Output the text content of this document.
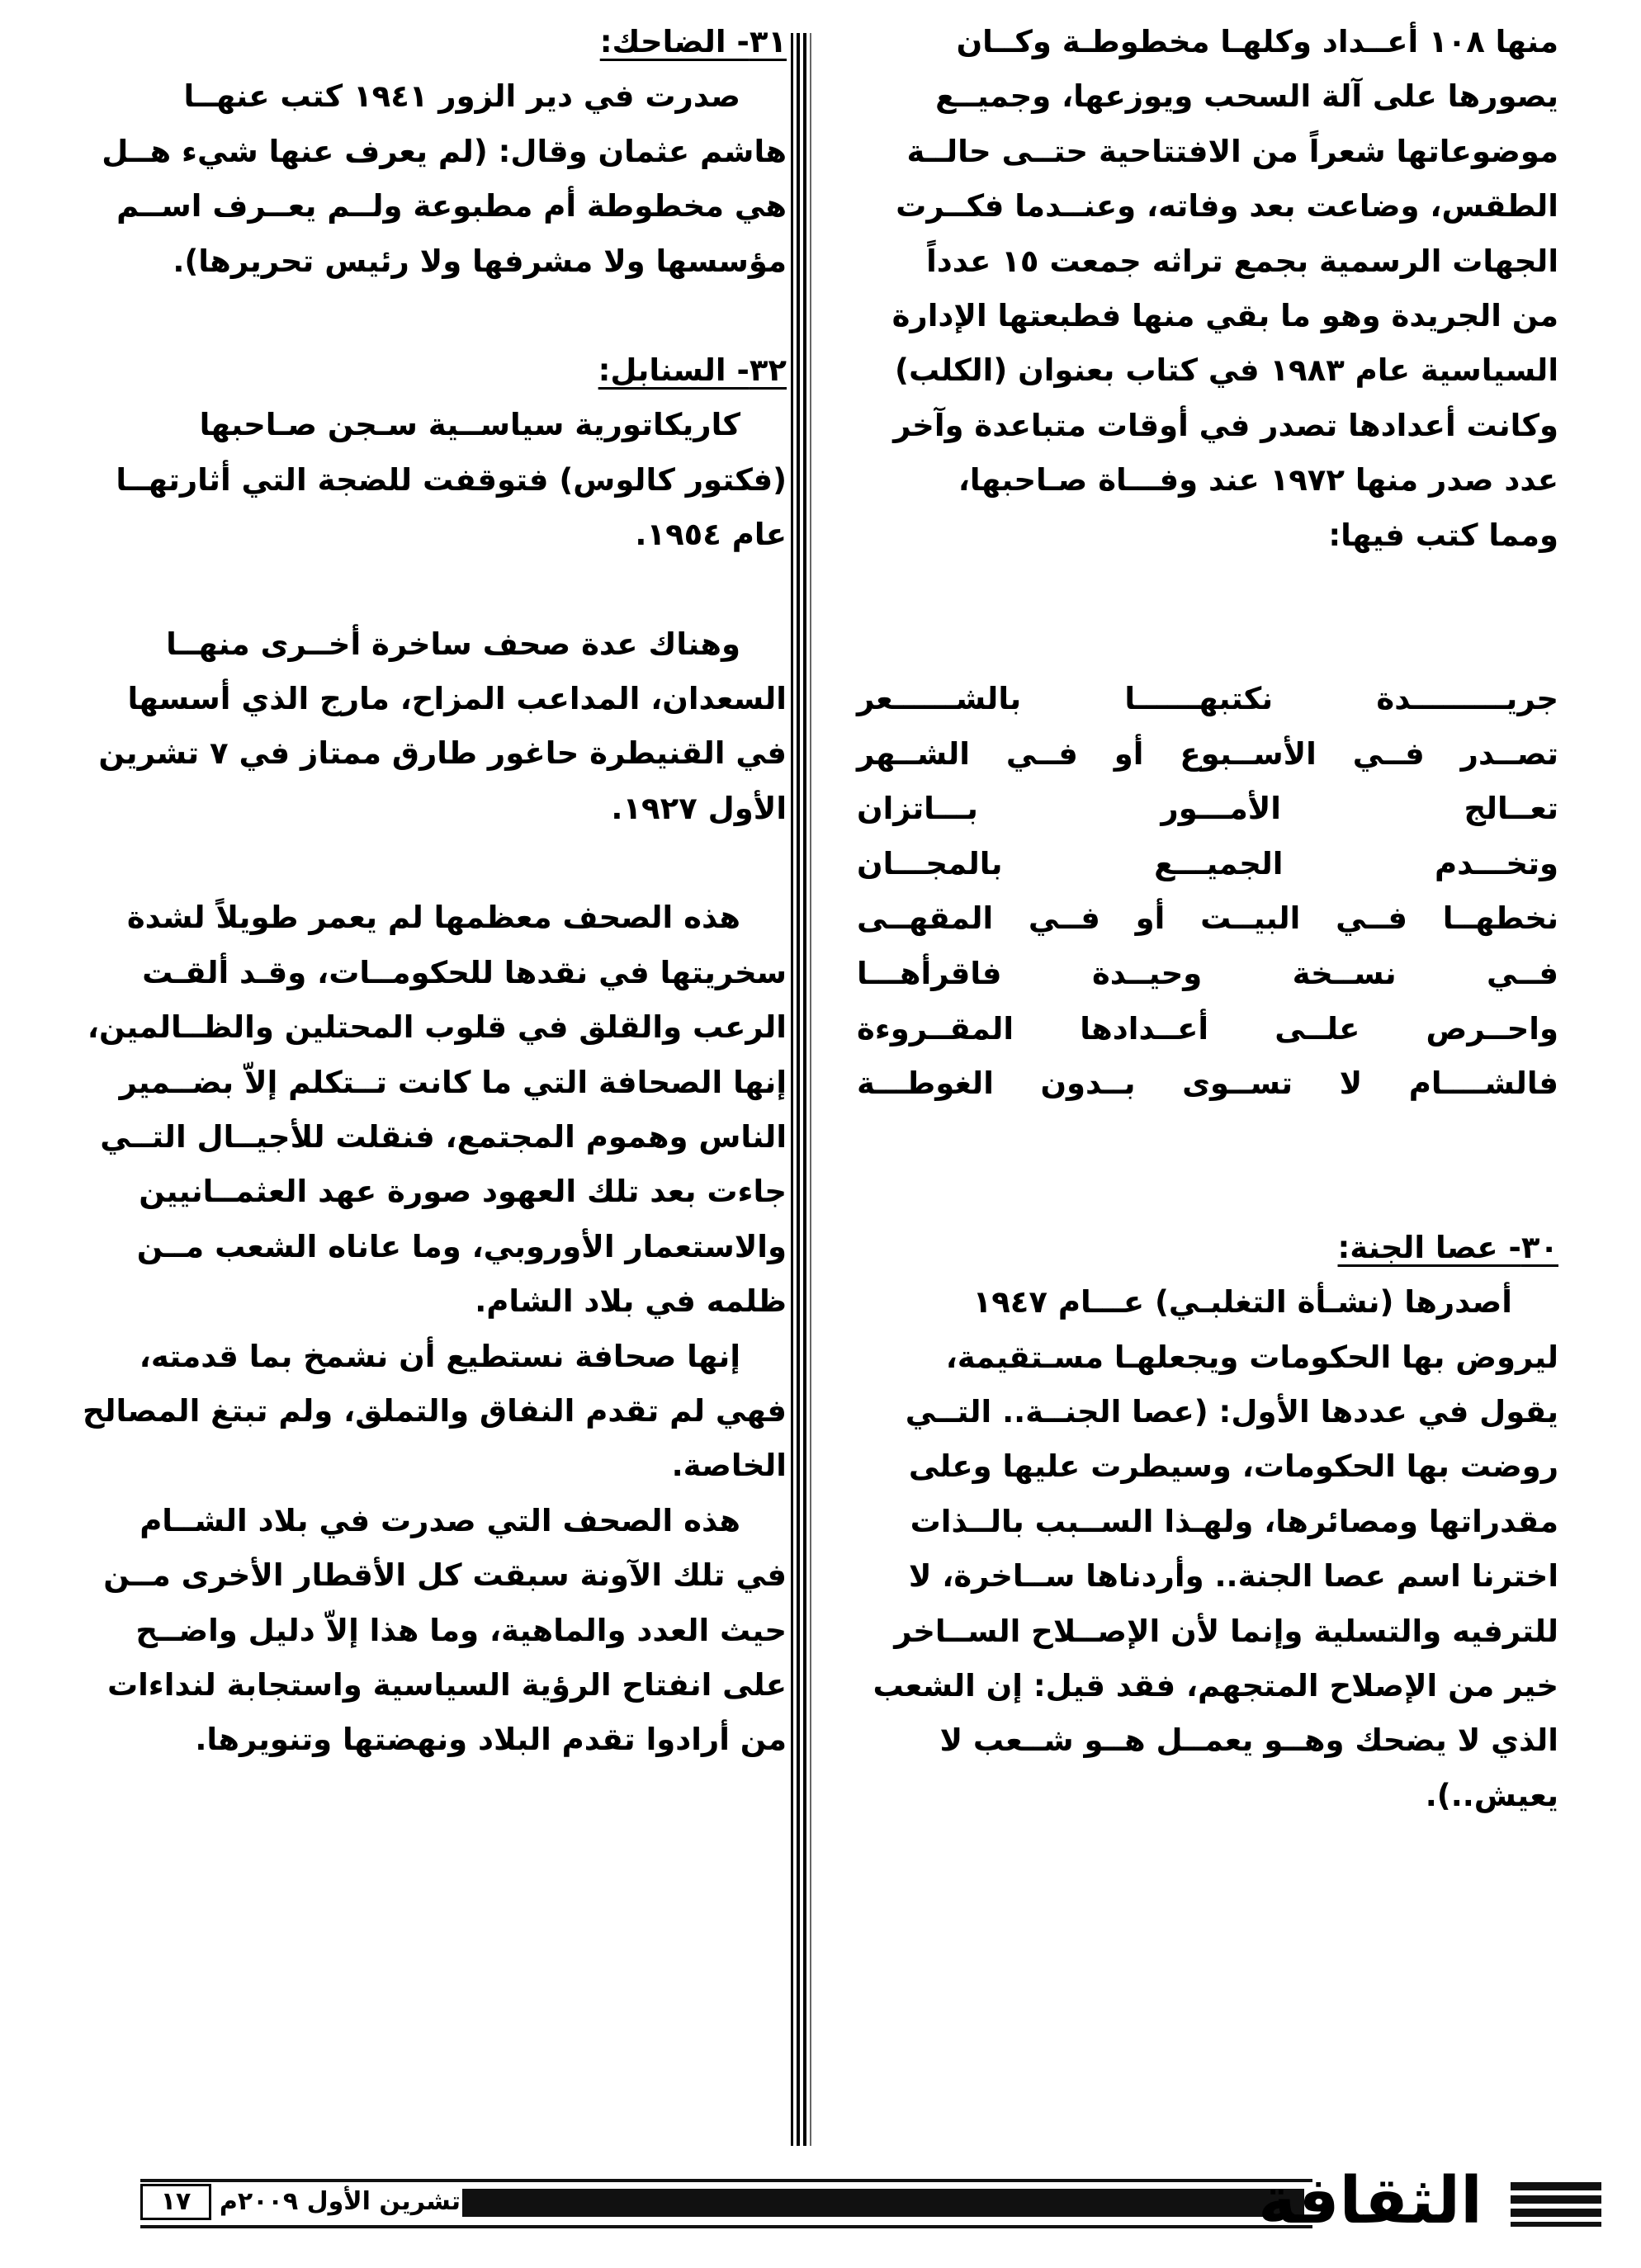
منها ١٠٨ أعــداد وكلهـا مخطوطـة وكــان

يصورها على آلة السحب ويوزعها، وجميــع

موضوعاتها شعراً من الافتتاحية حتــى حالــة

الطقس، وضاعت بعد وفاته، وعنــدما فكــرت

الجهات الرسمية بجمع تراثه جمعت ١٥ عدداً

من الجريدة وهو ما بقي منها فطبعتها الإدارة

السياسية عام ١٩٨٣ في كتاب بعنوان (الكلب)

وكانت أعدادها تصدر في أوقات متباعدة وآخر

عدد صدر منها ١٩٧٢ عند وفـــاة صـاحبها،

ومما كتب فيها:

جريـــــــــدة نكتبهــــــا بالشــــــعر

تصــدر فــي الأســبوع أو فــي الشــهر

تعــالج الأمـــور بـــاتزان

وتخـــدم الجميـــع بالمجـــان

نخطهــا فــي البيــت أو فــي المقهــى

فــي نســخة وحيــدة فاقرأهـــا

واحــرص علــى أعــدادها المقــروءة

فالشــــام لا تســوى بــدون الغوطـــة

٣٠- عصا الجنة:

أصدرها (نشـأة التغلبـي) عـــام ١٩٤٧

ليروض بها الحكومات ويجعلهـا مسـتقيمة،

يقول في عددها الأول: (عصا الجنــة.. التــي

روضت بها الحكومات، وسيطرت عليها وعلى

مقدراتها ومصائرها، ولهـذا الســبب بالــذات

اخترنا اسم عصا الجنة.. وأردناها ســاخرة، لا

للترفيه والتسلية وإنما لأن الإصــلاح الســاخر

خير من الإصلاح المتجهم، فقد قيل: إن الشعب

الذي لا يضحك وهــو يعمــل هــو شــعب لا

يعيش..).

٣١- الضاحك:

صدرت في دير الزور ١٩٤١ كتب عنهــا

هاشم عثمان وقال: (لم يعرف عنها شيء هــل

هي مخطوطة أم مطبوعة ولــم يعــرف اســم

مؤسسها ولا مشرفها ولا رئيس تحريرها).

٣٢- السنابل:

كاريكاتورية سياســية سـجن صـاحبها

(فكتور كالوس) فتوقفت للضجة التي أثارتهــا

عام ١٩٥٤.

وهناك عدة صحف ساخرة أخــرى منهــا

السعدان، المداعب المزاح، مارج الذي أسسها

في القنيطرة حاغور طارق ممتاز في ٧ تشرين

الأول ١٩٢٧.

هذه الصحف معظمها لم يعمر طويلاً لشدة

سخريتها في نقدها للحكومــات، وقـد ألقـت

الرعب والقلق في قلوب المحتلين والظــالمين،

إنها الصحافة التي ما كانت تــتكلم إلاّ بضــمير

الناس وهموم المجتمع، فنقلت للأجيــال التــي

جاءت بعد تلك العهود صورة عهد العثمــانيين

والاستعمار الأوروبي، وما عاناه الشعب مــن

ظلمه في بلاد الشام.

إنها صحافة نستطيع أن نشمخ بما قدمته،

فهي لم تقدم النفاق والتملق، ولم تبتغ المصالح

الخاصة.

هذه الصحف التي صدرت في بلاد الشــام

في تلك الآونة سبقت كل الأقطار الأخرى مــن

حيث العدد والماهية، وما هذا إلاّ دليل واضــح

على انفتاح الرؤية السياسية واستجابة لنداءات

من أرادوا تقدم البلاد ونهضتها وتنويرها.

الثقافة
تشرين الأول ٢٠٠٩م
١٧
